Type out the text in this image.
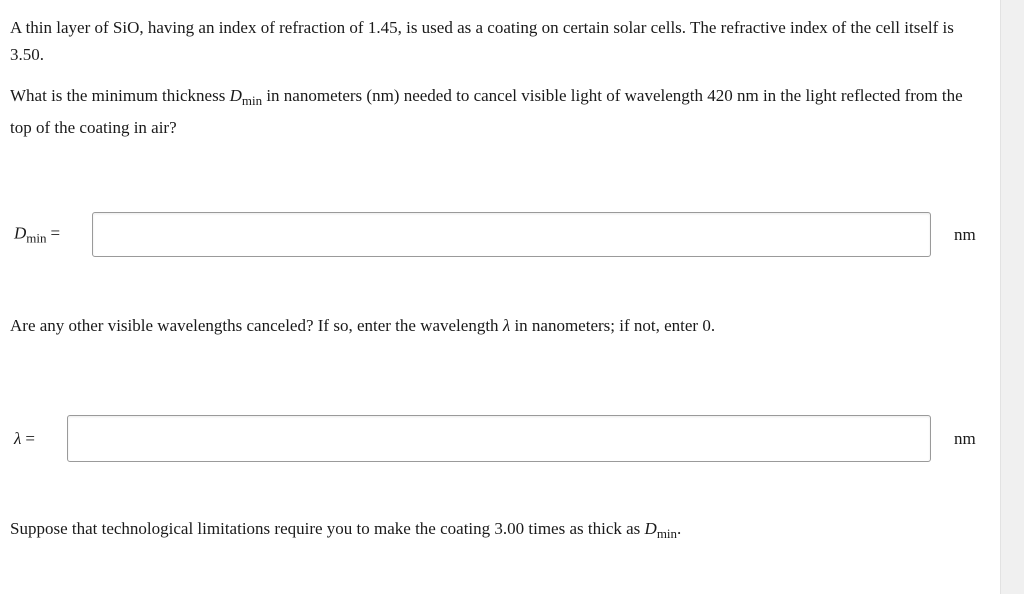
A thin layer of SiO, having an index of refraction of 1.45, is used as a coating on certain solar cells. The refractive index of the cell itself is 3.50.

What is the minimum thickness $D_{min}$ in nanometers (nm) needed to cancel visible light of wavelength 420 nm in the light reflected from the top of the coating in air?

$D_{min}$ =	nm

Are any other visible wavelengths canceled? If so, enter the wavelength λ in nanometers; if not, enter 0.

λ =	nm

Suppose that technological limitations require you to make the coating 3.00 times as thick as $D_{min}$.
